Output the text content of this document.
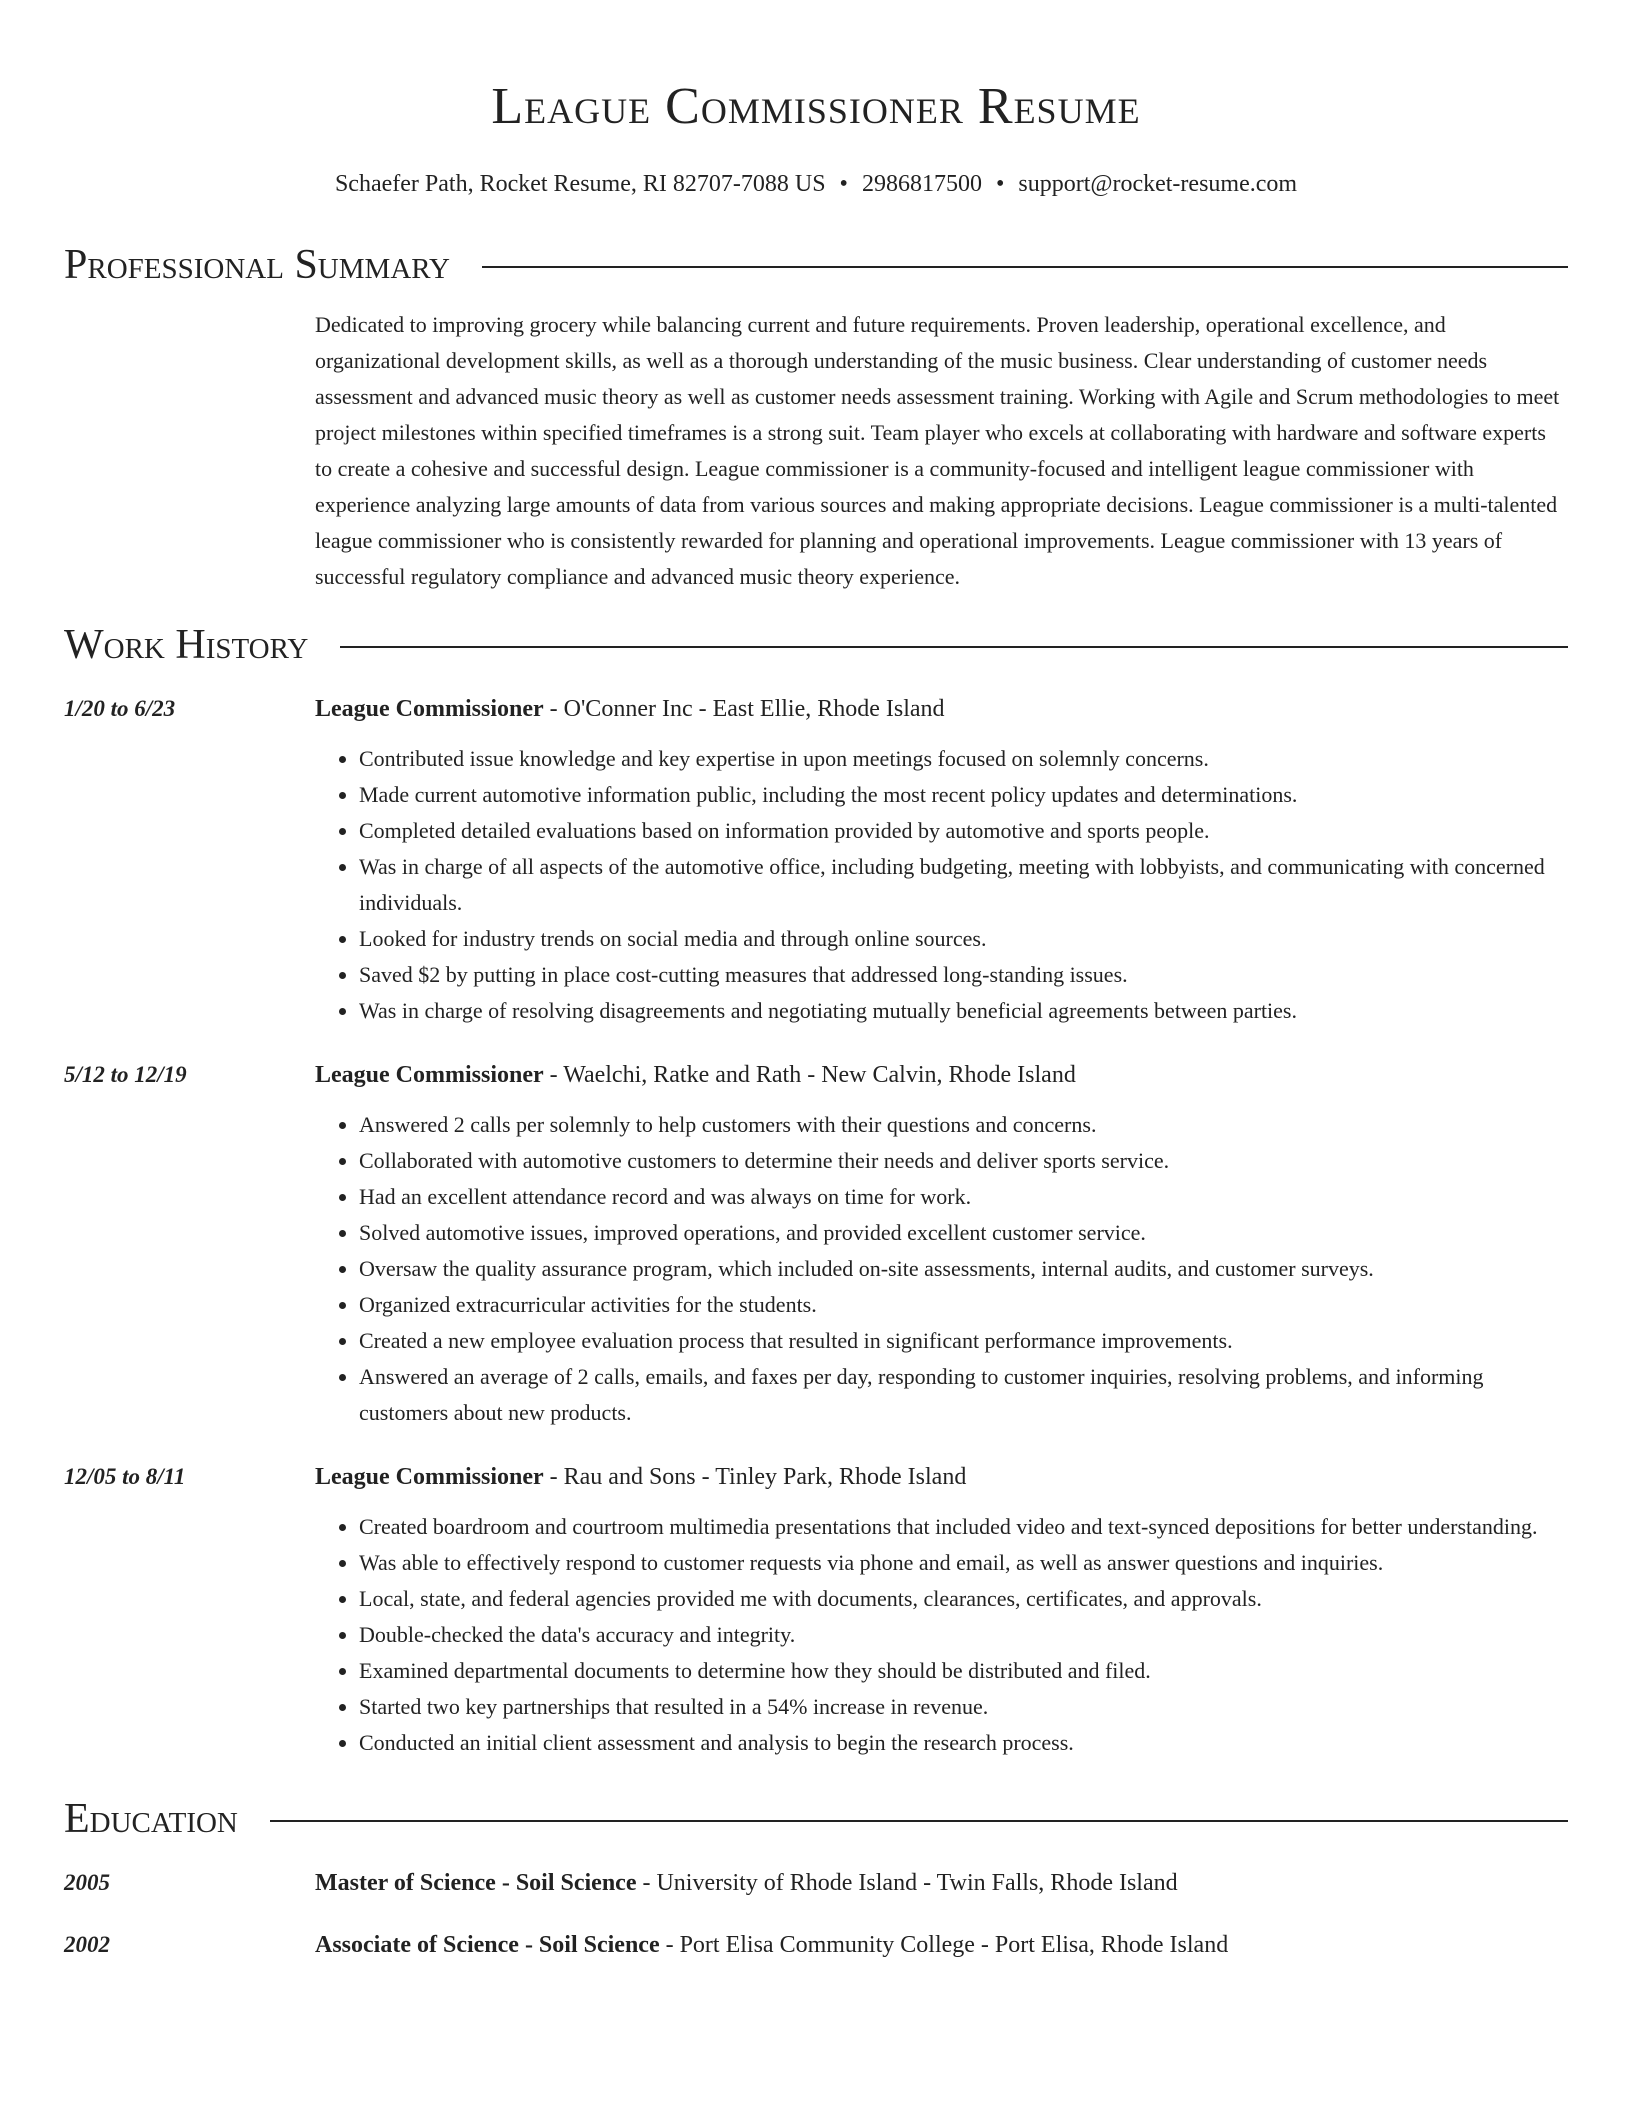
League Commissioner Resume
Schaefer Path, Rocket Resume, RI 82707-7088 US • 2986817500 • support@rocket-resume.com
Professional Summary
Dedicated to improving grocery while balancing current and future requirements. Proven leadership, operational excellence, and organizational development skills, as well as a thorough understanding of the music business. Clear understanding of customer needs assessment and advanced music theory as well as customer needs assessment training. Working with Agile and Scrum methodologies to meet project milestones within specified timeframes is a strong suit. Team player who excels at collaborating with hardware and software experts to create a cohesive and successful design. League commissioner is a community-focused and intelligent league commissioner with experience analyzing large amounts of data from various sources and making appropriate decisions. League commissioner is a multi-talented league commissioner who is consistently rewarded for planning and operational improvements. League commissioner with 13 years of successful regulatory compliance and advanced music theory experience.
Work History
1/20 to 6/23	League Commissioner - O'Conner Inc - East Ellie, Rhode Island
• Contributed issue knowledge and key expertise in upon meetings focused on solemnly concerns.
• Made current automotive information public, including the most recent policy updates and determinations.
• Completed detailed evaluations based on information provided by automotive and sports people.
• Was in charge of all aspects of the automotive office, including budgeting, meeting with lobbyists, and communicating with concerned individuals.
• Looked for industry trends on social media and through online sources.
• Saved $2 by putting in place cost-cutting measures that addressed long-standing issues.
• Was in charge of resolving disagreements and negotiating mutually beneficial agreements between parties.
5/12 to 12/19	League Commissioner - Waelchi, Ratke and Rath - New Calvin, Rhode Island
• Answered 2 calls per solemnly to help customers with their questions and concerns.
• Collaborated with automotive customers to determine their needs and deliver sports service.
• Had an excellent attendance record and was always on time for work.
• Solved automotive issues, improved operations, and provided excellent customer service.
• Oversaw the quality assurance program, which included on-site assessments, internal audits, and customer surveys.
• Organized extracurricular activities for the students.
• Created a new employee evaluation process that resulted in significant performance improvements.
• Answered an average of 2 calls, emails, and faxes per day, responding to customer inquiries, resolving problems, and informing customers about new products.
12/05 to 8/11	League Commissioner - Rau and Sons - Tinley Park, Rhode Island
• Created boardroom and courtroom multimedia presentations that included video and text-synced depositions for better understanding.
• Was able to effectively respond to customer requests via phone and email, as well as answer questions and inquiries.
• Local, state, and federal agencies provided me with documents, clearances, certificates, and approvals.
• Double-checked the data's accuracy and integrity.
• Examined departmental documents to determine how they should be distributed and filed.
• Started two key partnerships that resulted in a 54% increase in revenue.
• Conducted an initial client assessment and analysis to begin the research process.
Education
2005	Master of Science - Soil Science - University of Rhode Island - Twin Falls, Rhode Island
2002	Associate of Science - Soil Science - Port Elisa Community College - Port Elisa, Rhode Island
